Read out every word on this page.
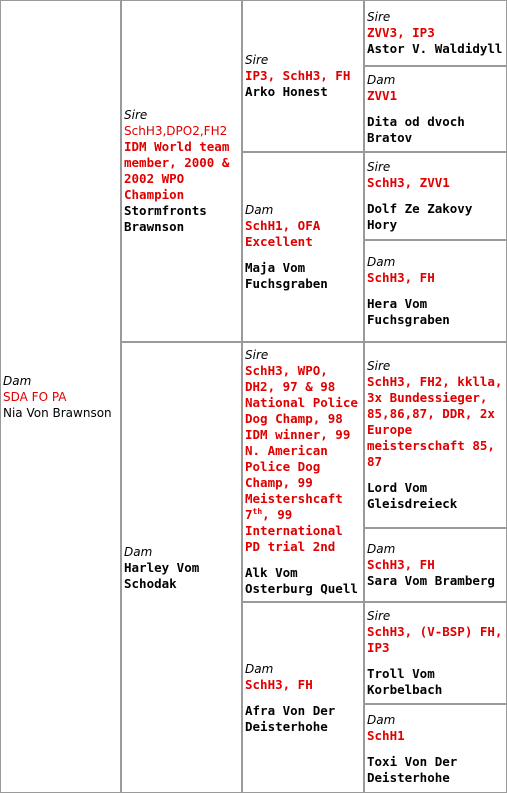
Dam
SDA FO PA
Nia Von Brawnson
Sire
SchH3,DPO2,FH2
IDM World team member, 2000 & 2002 WPO Champion
Stormfronts Brawnson
Dam
Harley Vom Schodak
Sire
IP3, SchH3, FH
Arko Honest
Dam
SchH1, OFA Excellent
Maja Vom Fuchsgraben
Sire
SchH3, WPO, DH2, 97 & 98 National Police Dog Champ, 98 IDM winner, 99 N. American Police Dog Champ, 99 Meistershcaft 7th, 99 International PD trial 2nd
Alk Vom Osterburg Quell
Dam
SchH3, FH
Afra Von Der Deisterhohe
Sire
ZVV3, IP3
Astor V. Waldidyll
Dam
ZVV1
Dita od dvoch Bratov
Sire
SchH3, ZVV1
Dolf Ze Zakovy Hory
Dam
SchH3, FH
Hera Vom Fuchsgraben
Sire
SchH3, FH2, kklla, 3x Bundessieger, 85,86,87, DDR, 2x Europe meisterschaft 85, 87
Lord Vom Gleisdreieck
Dam
SchH3, FH
Sara Vom Bramberg
Sire
SchH3, (V-BSP) FH, IP3
Troll Vom Korbelbach
Dam
SchH1
Toxi Von Der Deisterhohe
